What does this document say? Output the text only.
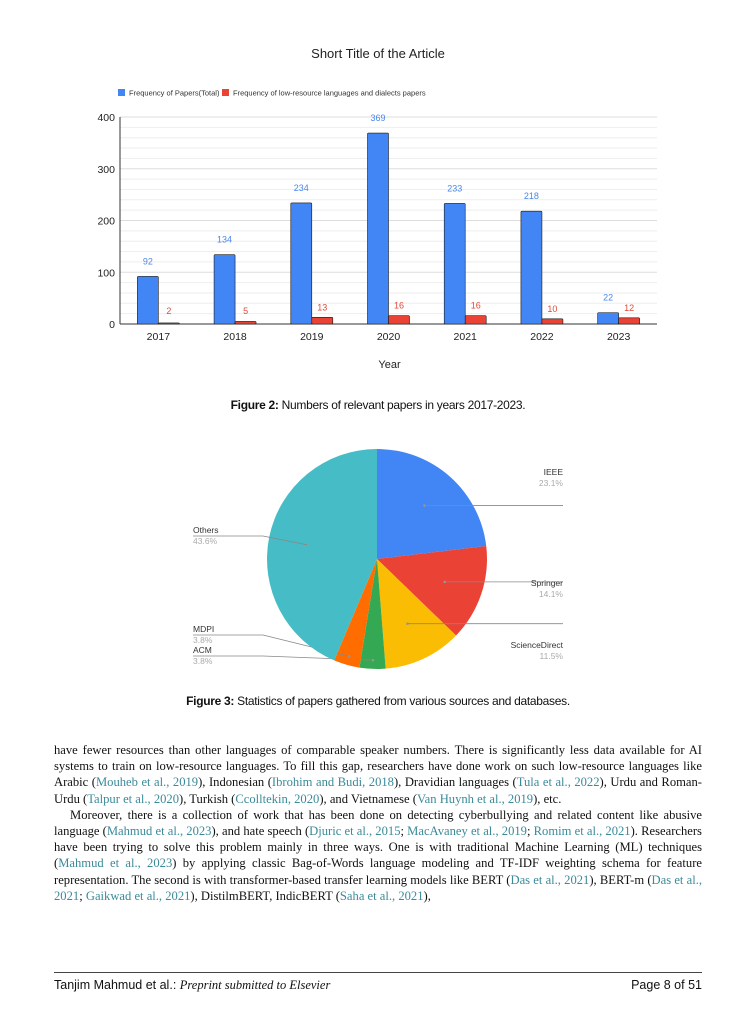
Short Title of the Article
Frequency of Papers(Total) Frequency of low-resource languages and dialects papers
0
100
200
300
400
92
2
2017
134
5
2018
234
13
2019
369
16
2020
233
16
2021
218
10
2022
22
12
2023
Year
Figure 2: Numbers of relevant papers in years 2017-2023.
IEEE
23.1%
Springer
14.1%
ScienceDirect
11.5%
ACM
3.8%
MDPI
3.8%
Others
43.6%
Figure 3: Statistics of papers gathered from various sources and databases.

have fewer resources than other languages of comparable speaker numbers. There is significantly less data available for AI systems to train on low-resource languages. To fill this gap, researchers have done work on such low-resource languages like Arabic (Mouheb et al., 2019), Indonesian (Ibrohim and Budi, 2018), Dravidian languages (Tula et al., 2022), Urdu and Roman-Urdu (Talpur et al., 2020), Turkish (Ccolltekin, 2020), and Vietnamese (Van Huynh et al., 2019), etc.

Moreover, there is a collection of work that has been done on detecting cyberbullying and related content like abusive language (Mahmud et al., 2023), and hate speech (Djuric et al., 2015; MacAvaney et al., 2019; Romim et al., 2021). Researchers have been trying to solve this problem mainly in three ways. One is with traditional Machine Learning (ML) techniques (Mahmud et al., 2023) by applying classic Bag-of-Words language modeling and TF-IDF weighting schema for feature representation. The second is with transformer-based transfer learning models like BERT (Das et al., 2021), BERT-m (Das et al., 2021; Gaikwad et al., 2021), DistilmBERT, IndicBERT (Saha et al., 2021),

Tanjim Mahmud et al.: Preprint submitted to Elsevier	Page 8 of 51
